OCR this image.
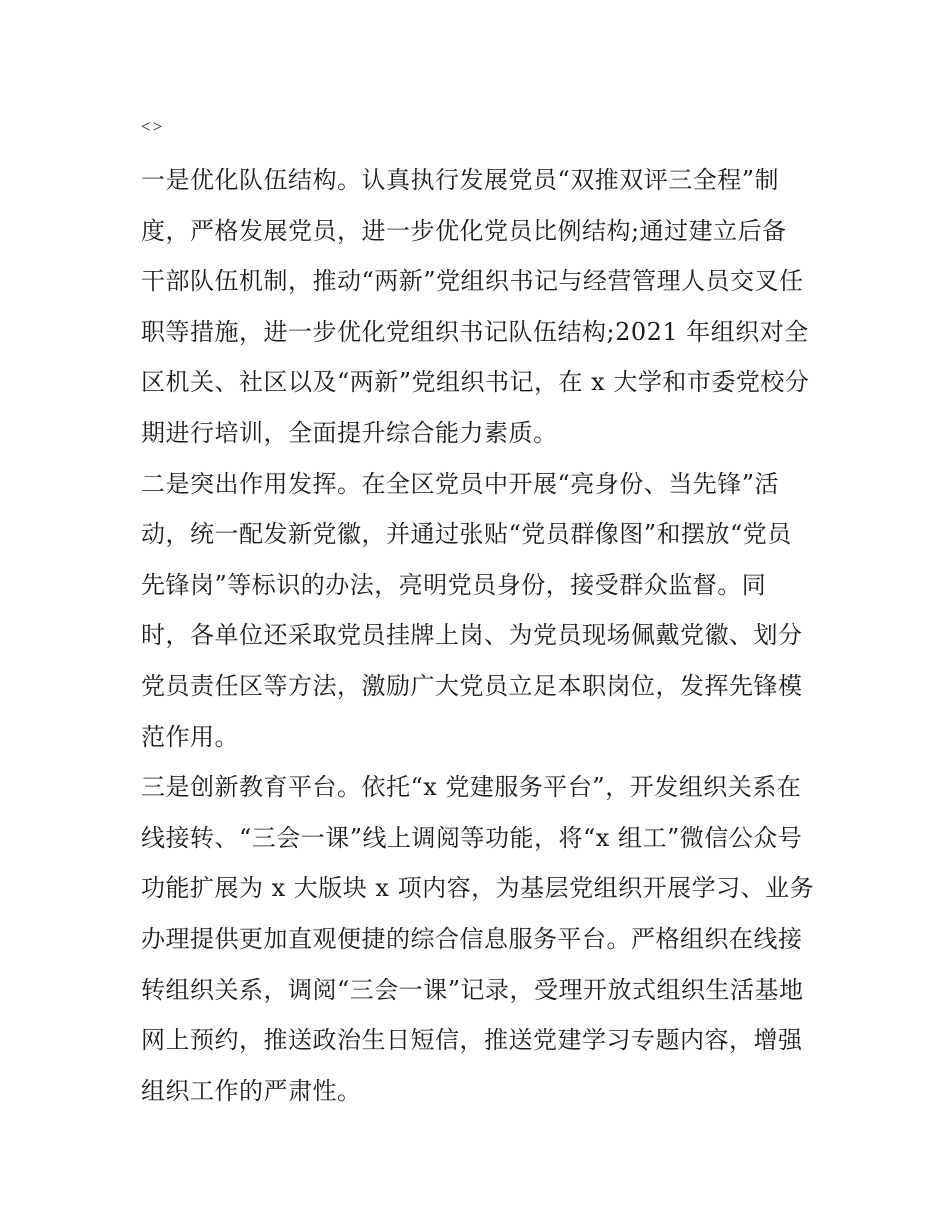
<>
一是优化队伍结构。认真执行发展党员“双推双评三全程”制
度，严格发展党员，进一步优化党员比例结构;通过建立后备
干部队伍机制，推动“两新”党组织书记与经营管理人员交叉任
职等措施，进一步优化党组织书记队伍结构;2021 年组织对全
区机关、社区以及“两新”党组织书记，在 x 大学和市委党校分
期进行培训，全面提升综合能力素质。
二是突出作用发挥。在全区党员中开展“亮身份、当先锋”活
动，统一配发新党徽，并通过张贴“党员群像图”和摆放“党员
先锋岗”等标识的办法，亮明党员身份，接受群众监督。同
时，各单位还采取党员挂牌上岗、为党员现场佩戴党徽、划分
党员责任区等方法，激励广大党员立足本职岗位，发挥先锋模
范作用。
三是创新教育平台。依托“x 党建服务平台”，开发组织关系在
线接转、“三会一课”线上调阅等功能，将“x 组工”微信公众号
功能扩展为 x 大版块 x 项内容，为基层党组织开展学习、业务
办理提供更加直观便捷的综合信息服务平台。严格组织在线接
转组织关系，调阅“三会一课”记录，受理开放式组织生活基地
网上预约，推送政治生日短信，推送党建学习专题内容，增强
组织工作的严肃性。
